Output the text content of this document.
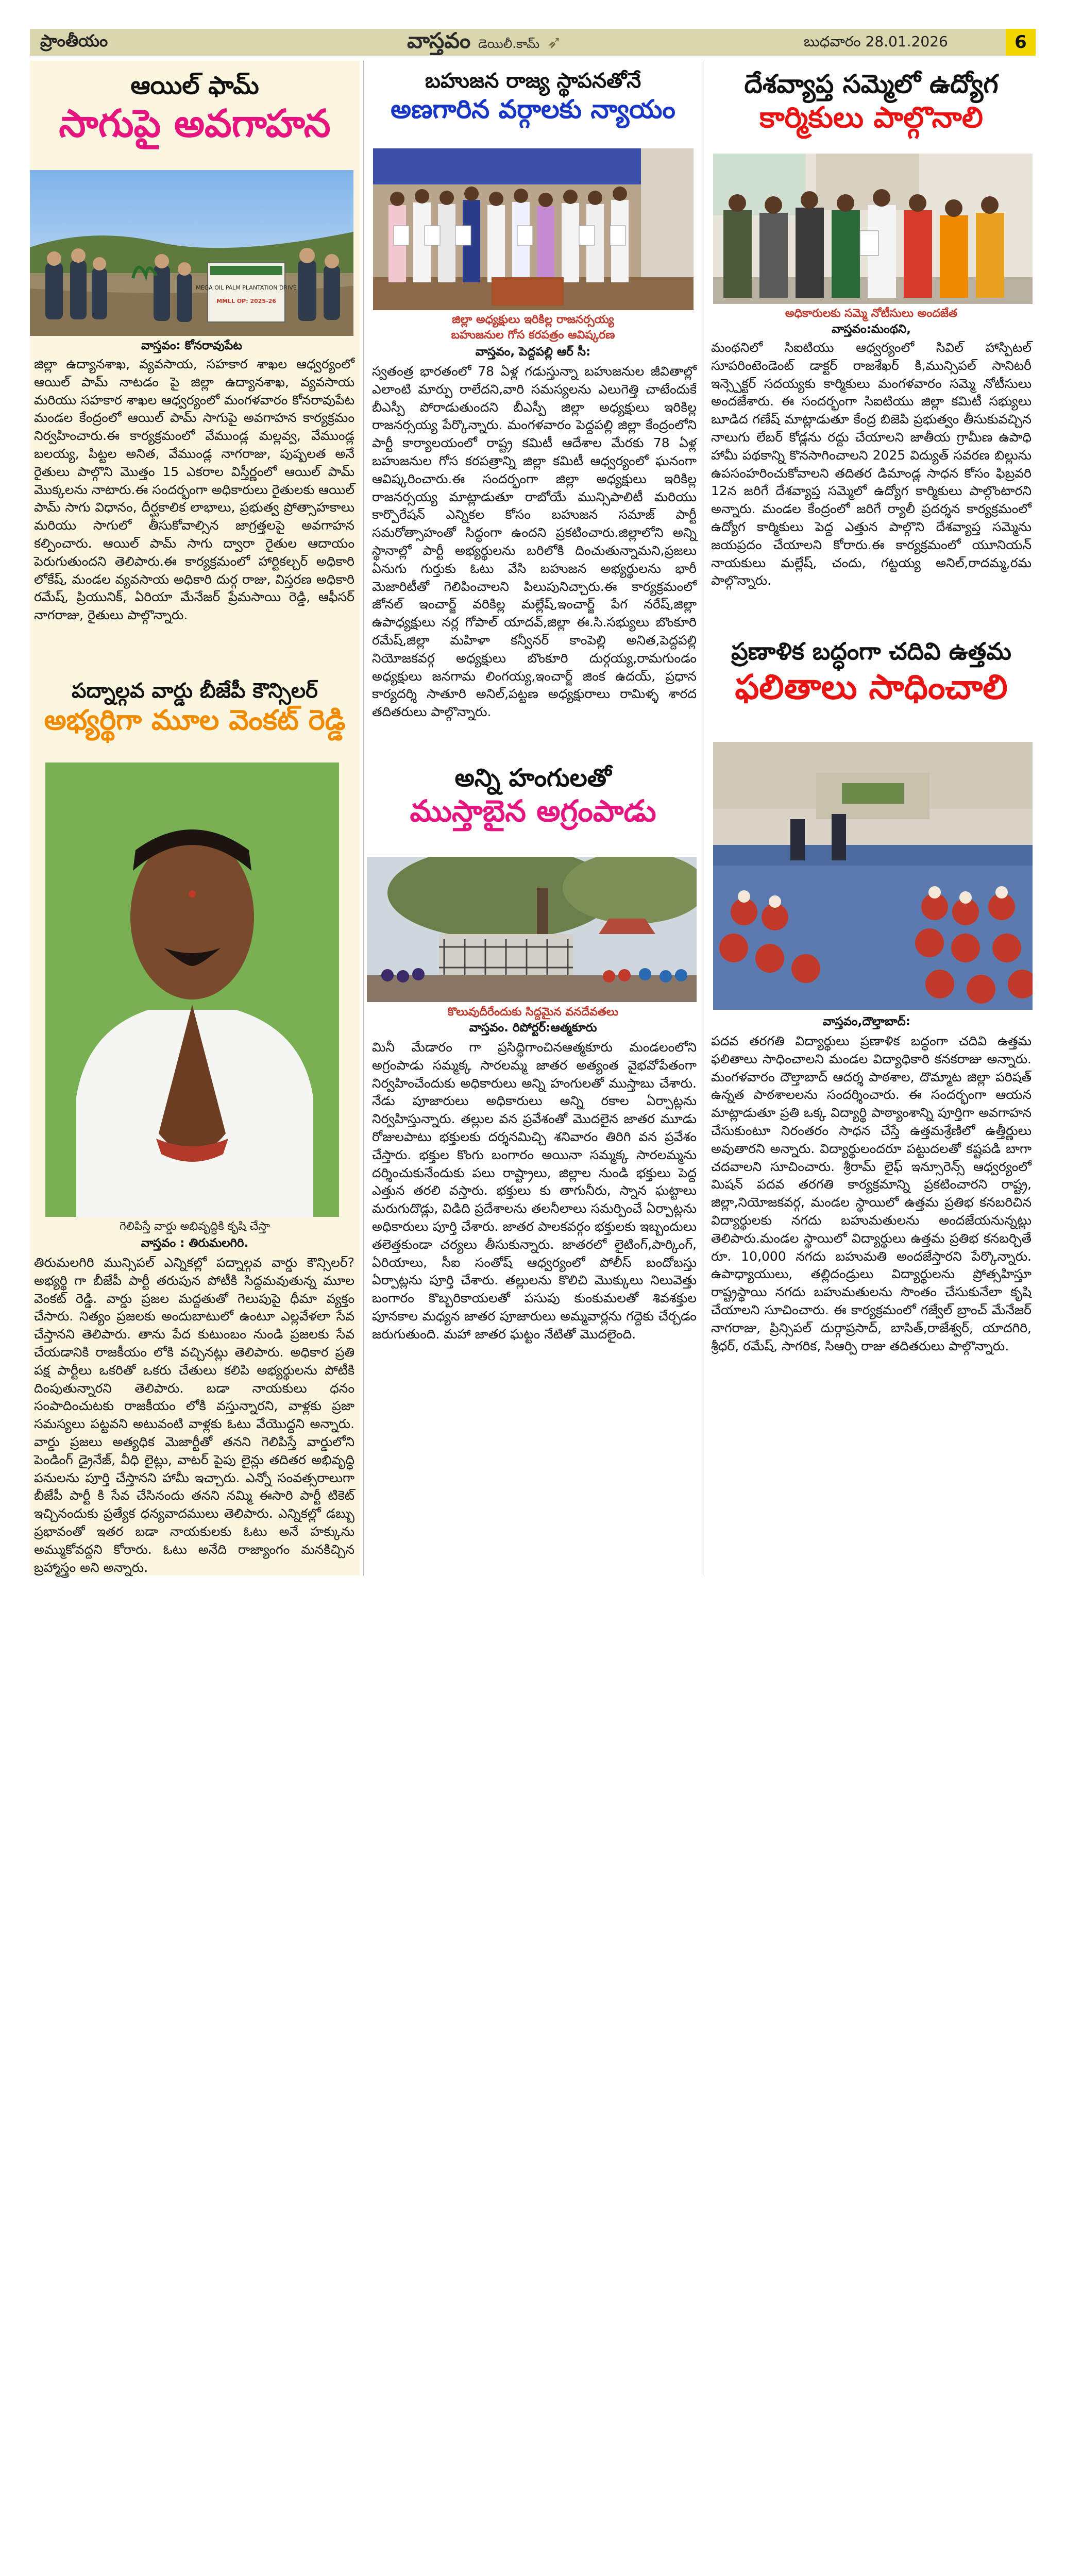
ప్రాంతీయం	వాస్తవం డెయిలీ.కామ్ ➶	బుధవారం 28.01.2026	6
ఆయిల్ ఫామ్
సాగుపై అవగాహన
MEGA OIL PALM PLANTATION DRIVE
MMLL OP: 2025-26
వాస్తవం: కోనరావుపేట
జిల్లా ఉద్యానశాఖ, వ్యవసాయ, సహకార శాఖల ఆధ్వర్యంలో ఆయిల్ పామ్ నాటడం పై జిల్లా ఉద్యానశాఖ, వ్యవసాయ మరియు సహకార శాఖల ఆధ్వర్యంలో మంగళవారం కోనరావుపేట మండల కేంద్రంలో ఆయిల్ పామ్ సాగుపై అవగాహన కార్యక్రమం నిర్వహించారు.ఈ కార్యక్రమంలో వేముండ్ల మల్లవ్వ, వేముండ్ల బలయ్య, పిట్టల అనిత, వేముండ్ల నాగరాజు, పుష్పలత అనే రైతులు పాల్గొని మొత్తం 15 ఎకరాల విస్తీర్ణంలో ఆయిల్ పామ్ మొక్కలను నాటారు.ఈ సందర్భంగా అధికారులు రైతులకు ఆయిల్ పామ్ సాగు విధానం, దీర్ఘకాలిక లాభాలు, ప్రభుత్వ ప్రోత్సాహకాలు మరియు సాగులో తీసుకోవాల్సిన జాగ్రత్తలపై అవగాహన కల్పించారు. ఆయిల్ పామ్ సాగు ద్వారా రైతుల ఆదాయం పెరుగుతుందని తెలిపారు.ఈ కార్యక్రమంలో హార్టికల్చర్ అధికారి లోకేష్, మండల వ్యవసాయ అధికారి దుర్గ రాజు, విస్తరణ అధికారి రమేష్, ప్రియునిక్, ఏరియా మేనేజర్ ప్రేమసాయి రెడ్డి, ఆఫీసర్ నాగరాజు, రైతులు పాల్గొన్నారు.
పద్నాల్గవ వార్డు బీజేపీ కౌన్సిలర్
అభ్యర్థిగా మూల వెంకట్ రెడ్డి
గెలిపిస్తే వార్డు అభివృద్ధికి కృషి చేస్తా
వాస్తవం : తిరుమలగిరి.
తిరుమలగిరి మున్సిపల్ ఎన్నికల్లో పద్నాల్గవ వార్డు కౌన్సిలర్? అభ్యర్థి గా బీజేపీ పార్టీ తరుపున పోటీకి సిద్దమవుతున్న మూల వెంకట్ రెడ్డి. వార్డు ప్రజల మద్దతుతో గెలుపుపై ధీమా వ్యక్తం చేసారు. నిత్యం ప్రజలకు అందుబాటులో ఉంటూ ఎల్లవేళలా సేవ చేస్తానని తెలిపారు. తాను పేద కుటుంబం నుండి ప్రజలకు సేవ చేయడానికి రాజకీయం లోకి వచ్చినట్లు తెలిపారు. అధికార ప్రతి పక్ష పార్టీలు ఒకరితో ఒకరు చేతులు కలిపి అభ్యర్థులను పోటీకి దింపుతున్నారని తెలిపారు. బడా నాయకులు ధనం సంపాదించుటకు రాజకీయం లోకి వస్తున్నారని, వాళ్లకు ప్రజా సమస్యలు పట్టవని అటువంటి వాళ్లకు ఓటు వేయొద్దని అన్నారు. వార్డు ప్రజలు అత్యధిక మెజార్టీతో తనని గెలిపిస్తే వార్డులోని పెండింగ్ డ్రైనేజ్, వీధి లైట్లు, వాటర్ పైపు లైన్లు తదితర అభివృద్ధి పనులను పూర్తి చేస్తానని హామీ ఇచ్చారు. ఎన్నో సంవత్సరాలుగా బీజేపీ పార్టీ కి సేవ చేసినందు తనని నమ్మి ఈసారి పార్టీ టికెట్ ఇచ్చినందుకు ప్రత్యేక ధన్యవాదములు తెలిపారు. ఎన్నికల్లో డబ్బు ప్రభావంతో ఇతర బడా నాయకులకు ఓటు అనే హక్కును అమ్ముకోవద్దని కోరారు. ఓటు అనేది రాజ్యాంగం మనకిచ్చిన బ్రహ్మాస్త్రం అని అన్నారు.
బహుజన రాజ్య స్థాపనతోనే
అణగారిన వర్గాలకు న్యాయం
జిల్లా అధ్యక్షులు ఇరికిల్ల రాజనర్సయ్య
బహుజనుల గోస కరపత్రం ఆవిష్కరణ
వాస్తవం, పెద్దపల్లి ఆర్ సీ:
స్వతంత్ర భారతంలో 78 ఏళ్ల గడుస్తున్నా బహుజనుల జీవితాల్లో ఎలాంటి మార్పు రాలేదని,వారి సమస్యలను ఎలుగెత్తి చాటేందుకే బీఎస్పీ పోరాడుతుందని బీఎస్పీ జిల్లా అధ్యక్షులు ఇరికిల్ల రాజనర్సయ్య పేర్కొన్నారు. మంగళవారం పెద్దపల్లి జిల్లా కేంద్రంలోని పార్టీ కార్యాలయంలో రాష్ట్ర కమిటీ ఆదేశాల మేరకు 78 ఏళ్ల బహుజనుల గోస కరపత్రాన్ని జిల్లా కమిటీ ఆధ్వర్యంలో ఘనంగా ఆవిష్కరించారు.ఈ సందర్భంగా జిల్లా అధ్యక్షులు ఇరికిల్ల రాజనర్సయ్య మాట్లాడుతూ రాబోయే మున్సిపాలిటీ మరియు కార్పొరేషన్ ఎన్నికల కోసం బహుజన సమాజ్ పార్టీ సమరోత్సాహంతో సిద్ధంగా ఉందని ప్రకటించారు.జిల్లాలోని అన్ని స్థానాల్లో పార్టీ అభ్యర్థులను బరిలోకి దించుతున్నామని,ప్రజలు ఏనుగు గుర్తుకు ఓటు వేసి బహుజన అభ్యర్థులను భారీ మెజారిటీతో గెలిపించాలని పిలుపునిచ్చారు.ఈ కార్యక్రమంలో జోనల్ ఇంచార్జ్ వరికిల్ల మల్లేష్,ఇంచార్జ్ పేగ నరేష్,జిల్లా ఉపాధ్యక్షులు నర్ల గోపాల్ యాదవ్,జిల్లా ఈ.సి.సభ్యులు బొంకూరి రమేష్,జిల్లా మహిళా కన్వీనర్ కాంపెల్లి అనిత,పెద్దపల్లి నియోజకవర్గ అధ్యక్షులు బొంకూరి దుర్గయ్య,రామగుండం అధ్యక్షులు జనగామ లింగయ్య,ఇంచార్జ్ జింక ఉదయ్, ప్రధాన కార్యదర్శి సాతూరి అనిల్,పట్టణ అధ్యక్షురాలు రామిళ్ళ శారద తదితరులు పాల్గొన్నారు.
అన్ని హంగులతో
ముస్తాబైన అగ్రంపాడు
కొలువుదీరేందుకు సిద్దమైన వనదేవతలు
వాస్తవం. రిపోర్టర్:ఆత్మకూరు
మినీ మేడారం గా ప్రసిద్ధిగాంచినఆత్మకూరు మండలంలోని అగ్రంపాడు సమ్మక్క సారలమ్మ జాతర అత్యంత వైభవోపేతంగా నిర్వహించేందుకు అధికారులు అన్ని హంగులతో ముస్తాబు చేశారు. నేడు పూజారులు అధికారులు అన్ని రకాల ఏర్పాట్లను నిర్వహిస్తున్నారు. తల్లుల వన ప్రవేశంతో మొదలైన జాతర మూడు రోజులపాటు భక్తులకు దర్శనమిచ్చి శనివారం తిరిగి వన ప్రవేశం చేస్తారు. భక్తుల కొంగు బంగారం అయినా సమ్మక్క సారలమ్మను దర్శించుకునేందుకు పలు రాష్ట్రాలు, జిల్లాల నుండి భక్తులు పెద్ద ఎత్తున తరలి వస్తారు. భక్తులు కు తాగునీరు, స్నాన ఘట్టాలు మరుగుదొడ్లు, విడిది ప్రదేశాలను తలనీలాలు సమర్పించే ఏర్పాట్లను అధికారులు పూర్తి చేశారు. జాతర పాలకవర్గం భక్తులకు ఇబ్బందులు తలెత్తకుండా చర్యలు తీసుకున్నారు. జాతరలో లైటింగ్,పార్కింగ్, ఏరియాలు, సీఐ సంతోష్ ఆధ్వర్యంలో పోలీస్ బందోబస్తు ఏర్పాట్లను పూర్తి చేశారు. తల్లులను కొలిచి మొక్కులు నిలువెత్తు బంగారం కొబ్బరికాయలతో పసుపు కుంకుమలతో శివశక్తుల పూనకాల మధ్యన జాతర పూజారులు అమ్మవార్లను గద్దెకు చేర్చడం జరుగుతుంది. మహా జాతర ఘట్టం నేటితో మొదలైంది.
దేశవ్యాప్త సమ్మెలో ఉద్యోగ
కార్మికులు పాల్గొనాలి
అధికారులకు సమ్మె నోటీసులు అందజేత
వాస్తవం:మంథని,
మంథనిలో సిఐటియు ఆధ్వర్యంలో సివిల్ హాస్పిటల్ సూపరింటెండెంట్ డాక్టర్ రాజశేఖర్ కి,మున్సిపల్ సానిటరీ ఇన్స్పెక్టర్ సదయ్యకు కార్మికులు మంగళవారం సమ్మె నోటీసులు అందజేశారు. ఈ సందర్భంగా సిఐటియు జిల్లా కమిటీ సభ్యులు బూడిద గణేష్ మాట్లాడుతూ కేంద్ర బిజెపి ప్రభుత్వం తీసుకువచ్చిన నాలుగు లేబర్ కోడ్లను రద్దు చేయాలని జాతీయ గ్రామీణ ఉపాధి హామీ పథకాన్ని కొనసాగించాలని 2025 విద్యుత్ సవరణ బిల్లును ఉపసంహరించుకోవాలని తదితర డిమాండ్ల సాధన కోసం ఫిబ్రవరి 12న జరిగే దేశవ్యాప్త సమ్మెలో ఉద్యోగ కార్మికులు పాల్గొంటారని అన్నారు. మండల కేంద్రంలో జరిగే ర్యాలీ ప్రదర్శన కార్యక్రమంలో ఉద్యోగ కార్మికులు పెద్ద ఎత్తున పాల్గొని దేశవ్యాప్త సమ్మెను జయప్రదం చేయాలని కోరారు.ఈ కార్యక్రమంలో యూనియన్ నాయకులు మల్లేష్, చందు, గట్టయ్య అనిల్,రాదమ్మ,రమ పాల్గొన్నారు.
ప్రణాళిక బద్ధంగా చదివి ఉత్తమ
ఫలితాలు సాధించాలి
వాస్తవం,దౌల్తాబాద్:
పదవ తరగతి విద్యార్థులు ప్రణాళిక బద్ధంగా చదివి ఉత్తమ ఫలితాలు సాధించాలని మండల విద్యాధికారి కనకరాజు అన్నారు. మంగళవారం దౌల్తాబాద్ ఆదర్శ పాఠశాల, దొమ్మాట జిల్లా పరిషత్ ఉన్నత పాఠశాలలను సందర్శించారు. ఈ సందర్భంగా ఆయన మాట్లాడుతూ ప్రతి ఒక్క విద్యార్థి పాఠ్యాంశాన్ని పూర్తిగా అవగాహన చేసుకుంటూ నిరంతరం సాధన చేస్తే ఉత్తమశ్రేణిలో ఉత్తీర్ణులు అవుతారని అన్నారు. విద్యార్థులందరూ పట్టుదలతో కష్టపడి బాగా చదవాలని సూచించారు. శ్రీరామ్ లైఫ్ ఇన్సూరెన్స్ ఆధ్వర్యంలో మిషన్ పదవ తరగతి కార్యక్రమాన్ని ప్రకటించారని రాష్ట్ర, జిల్లా,నియోజకవర్గ, మండల స్థాయిలో ఉత్తమ ప్రతిభ కనబరిచిన విద్యార్థులకు నగదు బహుమతులను అందజేయనున్నట్లు తెలిపారు.మండల స్థాయిలో విద్యార్థులు ఉత్తమ ప్రతిభ కనబర్చితే రూ. 10,000 నగదు బహుమతి అందజేస్తారని పేర్కొన్నారు. ఉపాధ్యాయులు, తల్లిదండ్రులు విద్యార్థులను ప్రోత్సహిస్తూ రాష్ట్రస్థాయి నగదు బహుమతులను సొంతం చేసుకునేలా కృషి చేయాలని సూచించారు. ఈ కార్యక్రమంలో గజ్వేల్ బ్రాంచ్ మేనేజర్ నాగరాజు, ప్రిన్సిపల్ దుర్గాప్రసాద్, బాసిత్,రాజేశ్వర్, యాదగిరి, శ్రీధర్, రమేష్, సాగరిక, సిఆర్పి రాజు తదితరులు పాల్గొన్నారు.
